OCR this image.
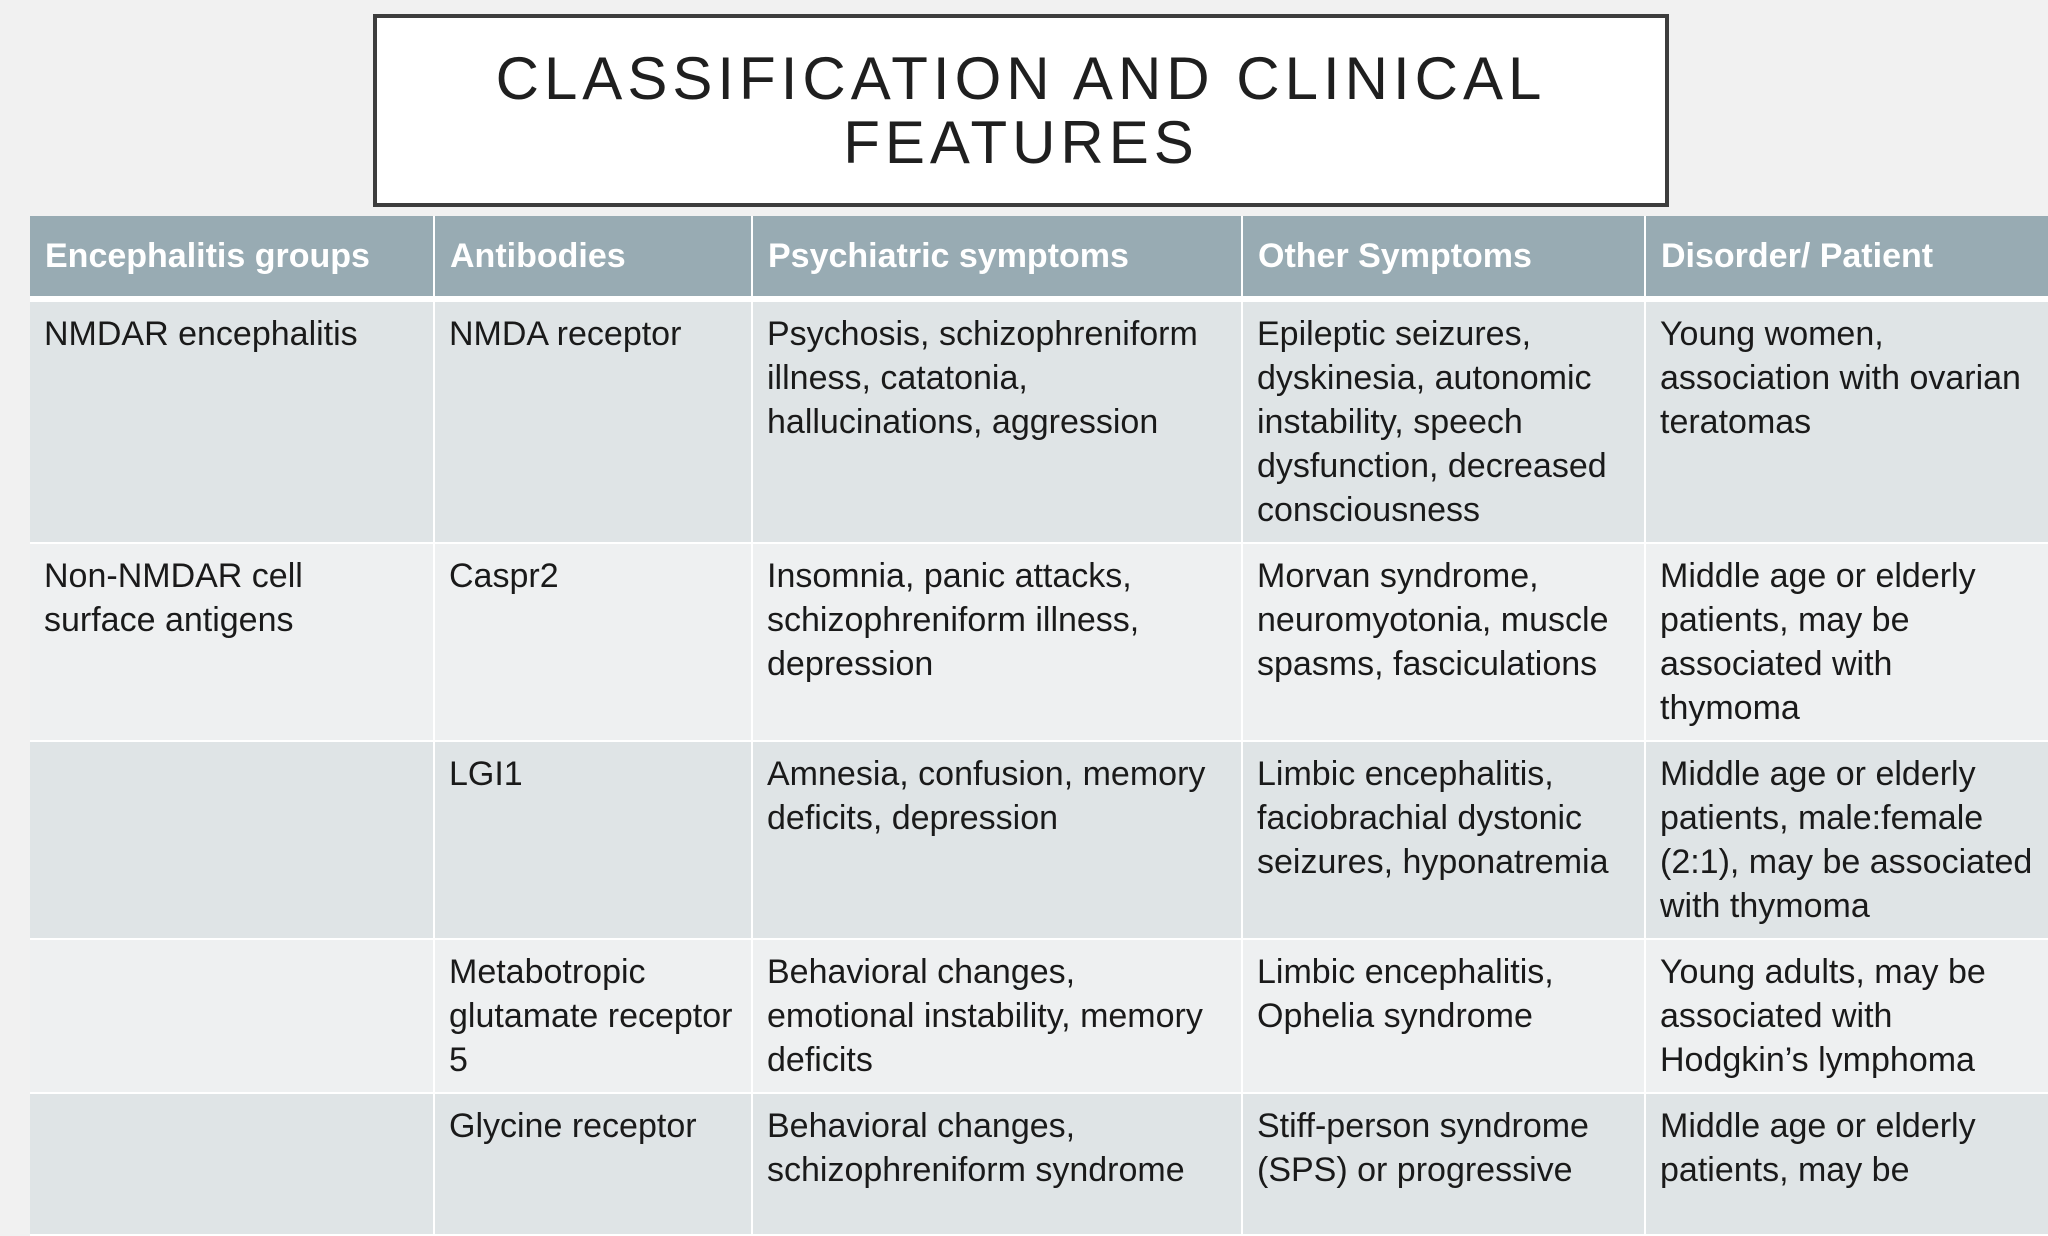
CLASSIFICATION AND CLINICAL
FEATURES
Encephalitis groups	Antibodies	Psychiatric symptoms	Other Symptoms	Disorder/ Patient
NMDAR encephalitis	NMDA receptor	Psychosis, schizophreniform illness, catatonia, hallucinations, aggression	Epileptic seizures, dyskinesia, autonomic instability, speech dysfunction, decreased consciousness	Young women, association with ovarian teratomas
Non-NMDAR cell surface antigens	Caspr2	Insomnia, panic attacks, schizophreniform illness, depression	Morvan syndrome, neuromyotonia, muscle spasms, fasciculations	Middle age or elderly patients, may be associated with thymoma
	LGI1	Amnesia, confusion, memory deficits, depression	Limbic encephalitis, faciobrachial dystonic seizures, hyponatremia	Middle age or elderly patients, male:female (2:1), may be associated with thymoma
	Metabotropic glutamate receptor 5	Behavioral changes, emotional instability, memory deficits	Limbic encephalitis, Ophelia syndrome	Young adults, may be associated with Hodgkin’s lymphoma
	Glycine receptor	Behavioral changes, schizophreniform syndrome	Stiff-person syndrome (SPS) or progressive	Middle age or elderly patients, may be
